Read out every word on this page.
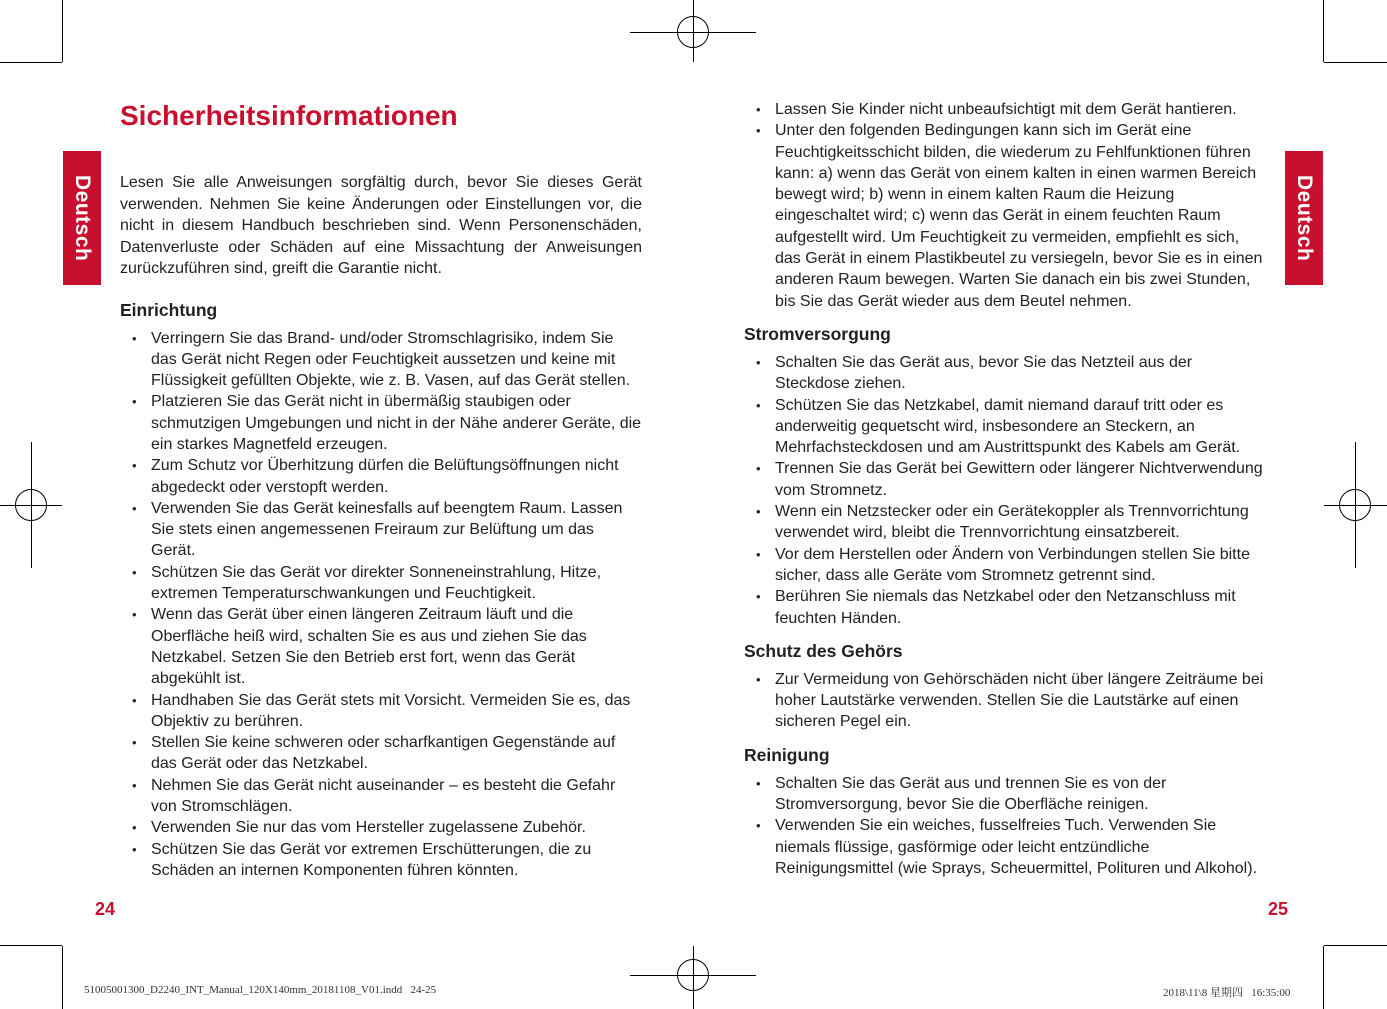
Deutsch	Deutsch
Sicherheitsinformationen

Lesen Sie alle Anweisungen sorgfältig durch, bevor Sie dieses Gerät verwenden. Nehmen Sie keine Änderungen oder Einstellungen vor, die nicht in diesem Handbuch beschrieben sind. Wenn Personenschäden, Datenverluste oder Schäden auf eine Missachtung der Anweisungen zurückzuführen sind, greift die Garantie nicht.

Einrichtung
• Verringern Sie das Brand- und/oder Stromschlagrisiko, indem Sie das Gerät nicht Regen oder Feuchtigkeit aussetzen und keine mit Flüssigkeit gefüllten Objekte, wie z. B. Vasen, auf das Gerät stellen.
• Platzieren Sie das Gerät nicht in übermäßig staubigen oder schmutzigen Umgebungen und nicht in der Nähe anderer Geräte, die ein starkes Magnetfeld erzeugen.
• Zum Schutz vor Überhitzung dürfen die Belüftungsöffnungen nicht abgedeckt oder verstopft werden.
• Verwenden Sie das Gerät keinesfalls auf beengtem Raum. Lassen Sie stets einen angemessenen Freiraum zur Belüftung um das Gerät.
• Schützen Sie das Gerät vor direkter Sonneneinstrahlung, Hitze, extremen Temperaturschwankungen und Feuchtigkeit.
• Wenn das Gerät über einen längeren Zeitraum läuft und die Oberfläche heiß wird, schalten Sie es aus und ziehen Sie das Netzkabel. Setzen Sie den Betrieb erst fort, wenn das Gerät abgekühlt ist.
• Handhaben Sie das Gerät stets mit Vorsicht. Vermeiden Sie es, das Objektiv zu berühren.
• Stellen Sie keine schweren oder scharfkantigen Gegenstände auf das Gerät oder das Netzkabel.
• Nehmen Sie das Gerät nicht auseinander – es besteht die Gefahr von Stromschlägen.
• Verwenden Sie nur das vom Hersteller zugelassene Zubehör.
• Schützen Sie das Gerät vor extremen Erschütterungen, die zu Schäden an internen Komponenten führen könnten.
• Lassen Sie Kinder nicht unbeaufsichtigt mit dem Gerät hantieren.
• Unter den folgenden Bedingungen kann sich im Gerät eine Feuchtigkeitsschicht bilden, die wiederum zu Fehlfunktionen führen kann: a) wenn das Gerät von einem kalten in einen warmen Bereich bewegt wird; b) wenn in einem kalten Raum die Heizung eingeschaltet wird; c) wenn das Gerät in einem feuchten Raum aufgestellt wird. Um Feuchtigkeit zu vermeiden, empfiehlt es sich, das Gerät in einem Plastikbeutel zu versiegeln, bevor Sie es in einen anderen Raum bewegen. Warten Sie danach ein bis zwei Stunden, bis Sie das Gerät wieder aus dem Beutel nehmen.
Stromversorgung
• Schalten Sie das Gerät aus, bevor Sie das Netzteil aus der Steckdose ziehen.
• Schützen Sie das Netzkabel, damit niemand darauf tritt oder es anderweitig gequetscht wird, insbesondere an Steckern, an Mehrfachsteckdosen und am Austrittspunkt des Kabels am Gerät.
• Trennen Sie das Gerät bei Gewittern oder längerer Nichtverwendung vom Stromnetz.
• Wenn ein Netzstecker oder ein Gerätekoppler als Trennvorrichtung verwendet wird, bleibt die Trennvorrichtung einsatzbereit.
• Vor dem Herstellen oder Ändern von Verbindungen stellen Sie bitte sicher, dass alle Geräte vom Stromnetz getrennt sind.
• Berühren Sie niemals das Netzkabel oder den Netzanschluss mit feuchten Händen.
Schutz des Gehörs
• Zur Vermeidung von Gehörschäden nicht über längere Zeiträume bei hoher Lautstärke verwenden. Stellen Sie die Lautstärke auf einen sicheren Pegel ein.
Reinigung
• Schalten Sie das Gerät aus und trennen Sie es von der Stromversorgung, bevor Sie die Oberfläche reinigen.
• Verwenden Sie ein weiches, fusselfreies Tuch. Verwenden Sie niemals flüssige, gasförmige oder leicht entzündliche Reinigungsmittel (wie Sprays, Scheuermittel, Polituren und Alkohol).
24	25
51005001300_D2240_INT_Manual_120X140mm_20181108_V01.indd   24-25	2018\11\8 星期四   16:35:00
